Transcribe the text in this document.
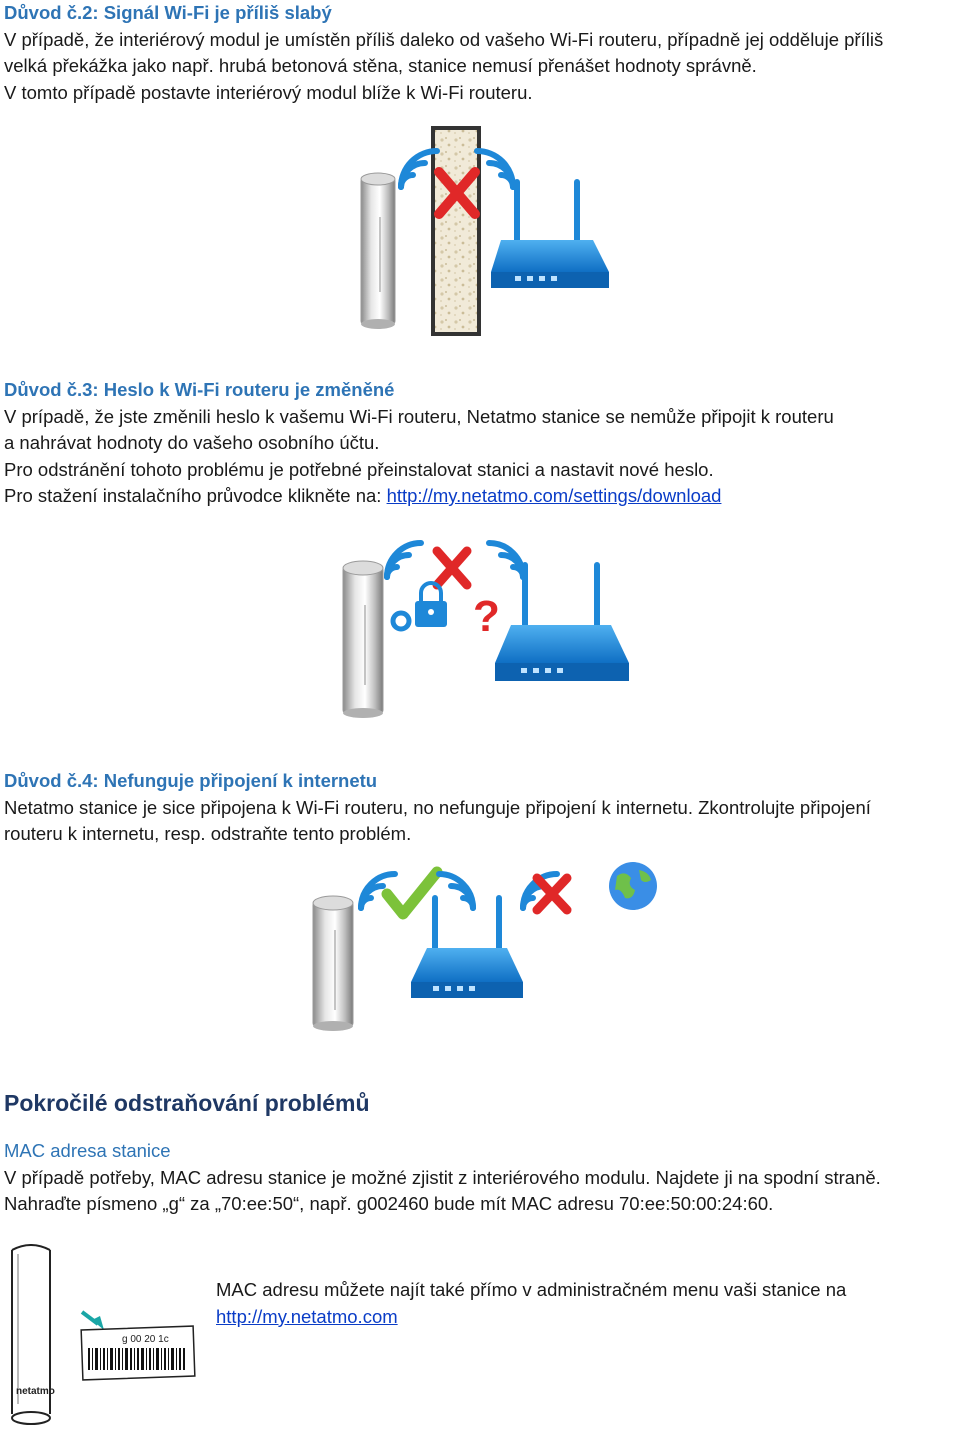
Důvod č.2: Signál Wi-Fi je příliš slabý
V případě, že interiérový modul je umístěn příliš daleko od vašeho Wi-Fi routeru, případně jej odděluje příliš
velká překážka jako např. hrubá betonová stěna, stanice nemusí přenášet hodnoty správně.
V tomto případě postavte interiérový modul blíže k Wi-Fi routeru.
Důvod č.3: Heslo k Wi-Fi routeru je změněné
V prípadě, že jste změnili heslo k vašemu Wi-Fi routeru, Netatmo stanice se nemůže připojit k routeru
a nahrávat hodnoty do vašeho osobního účtu.
Pro odstránění tohoto problému je potřebné přeinstalovat stanici a nastavit nové heslo.
Pro stažení instalačního průvodce klikněte na: http://my.netatmo.com/settings/download
?
Důvod č.4: Nefunguje připojení k internetu
Netatmo stanice je sice připojena k Wi-Fi routeru, no nefunguje připojení k internetu. Zkontrolujte připojení
routeru k internetu, resp. odstraňte tento problém.
Pokročilé odstraňování problémů
MAC adresa stanice
V případě potřeby, MAC adresu stanice je možné zjistit z interiérového modulu. Najdete ji na spodní straně.
Nahraďte písmeno „g“ za „70:ee:50“, např. g002460 bude mít MAC adresu 70:ee:50:00:24:60.
netatmo
g 00 20 1c
MAC adresu můžete najít také přímo v administračném menu vaši stanice na
http://my.netatmo.com
